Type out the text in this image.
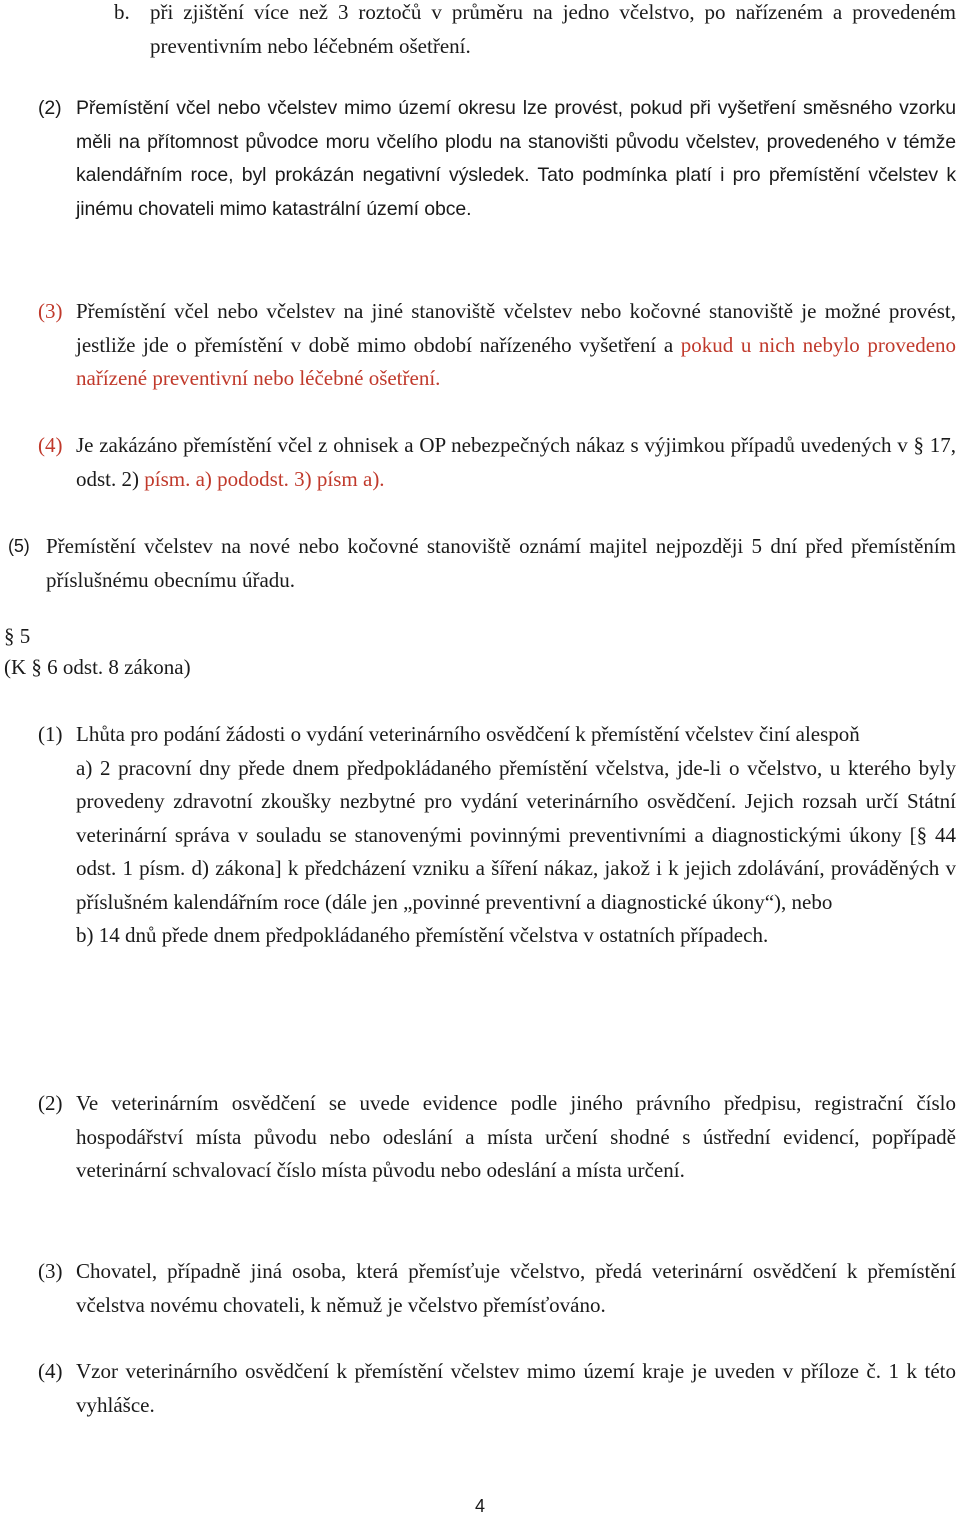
b. při zjištění více než 3 roztočů v průměru na jedno včelstvo, po nařízeném a provedeném preventivním nebo léčebném ošetření.
(2) Přemístění včel nebo včelstev mimo území okresu lze provést, pokud při vyšetření směsného vzorku měli na přítomnost původce moru včelího plodu na stanovišti původu včelstev, provedeného v témže kalendářním roce, byl prokázán negativní výsledek. Tato podmínka platí i pro přemístění včelstev k jinému chovateli mimo katastrální území obce.
(3) Přemístění včel nebo včelstev na jiné stanoviště včelstev nebo kočovné stanoviště je možné provést, jestliže jde o přemístění v době mimo období nařízeného vyšetření a pokud u nich nebylo provedeno nařízené preventivní nebo léčebné ošetření.
(4) Je zakázáno přemístění včel z ohnisek a OP nebezpečných nákaz s výjimkou případů uvedených v § 17, odst. 2) písm. a) pododst. 3) písm a).
(5) Přemístění včelstev na nové nebo kočovné stanoviště oznámí majitel nejpozději 5 dní před přemístěním příslušnému obecnímu úřadu.
§ 5
(K § 6 odst. 8 zákona)
(1) Lhůta pro podání žádosti o vydání veterinárního osvědčení k přemístění včelstev činí alespoň
a) 2 pracovní dny přede dnem předpokládaného přemístění včelstva, jde-li o včelstvo, u kterého byly provedeny zdravotní zkoušky nezbytné pro vydání veterinárního osvědčení. Jejich rozsah určí Státní veterinární správa v souladu se stanovenými povinnými preventivními a diagnostickými úkony [§ 44 odst. 1 písm. d) zákona] k předcházení vzniku a šíření nákaz, jakož i k jejich zdolávání, prováděných v příslušném kalendářním roce (dále jen „povinné preventivní a diagnostické úkony“), nebo
b) 14 dnů přede dnem předpokládaného přemístění včelstva v ostatních případech.
(2) Ve veterinárním osvědčení se uvede evidence podle jiného právního předpisu, registrační číslo hospodářství místa původu nebo odeslání a místa určení shodné s ústřední evidencí, popřípadě veterinární schvalovací číslo místa původu nebo odeslání a místa určení.
(3) Chovatel, případně jiná osoba, která přemísťuje včelstvo, předá veterinární osvědčení k přemístění včelstva novému chovateli, k němuž je včelstvo přemísťováno.
(4) Vzor veterinárního osvědčení k přemístění včelstev mimo území kraje je uveden v příloze č. 1 k této vyhlášce.
4
